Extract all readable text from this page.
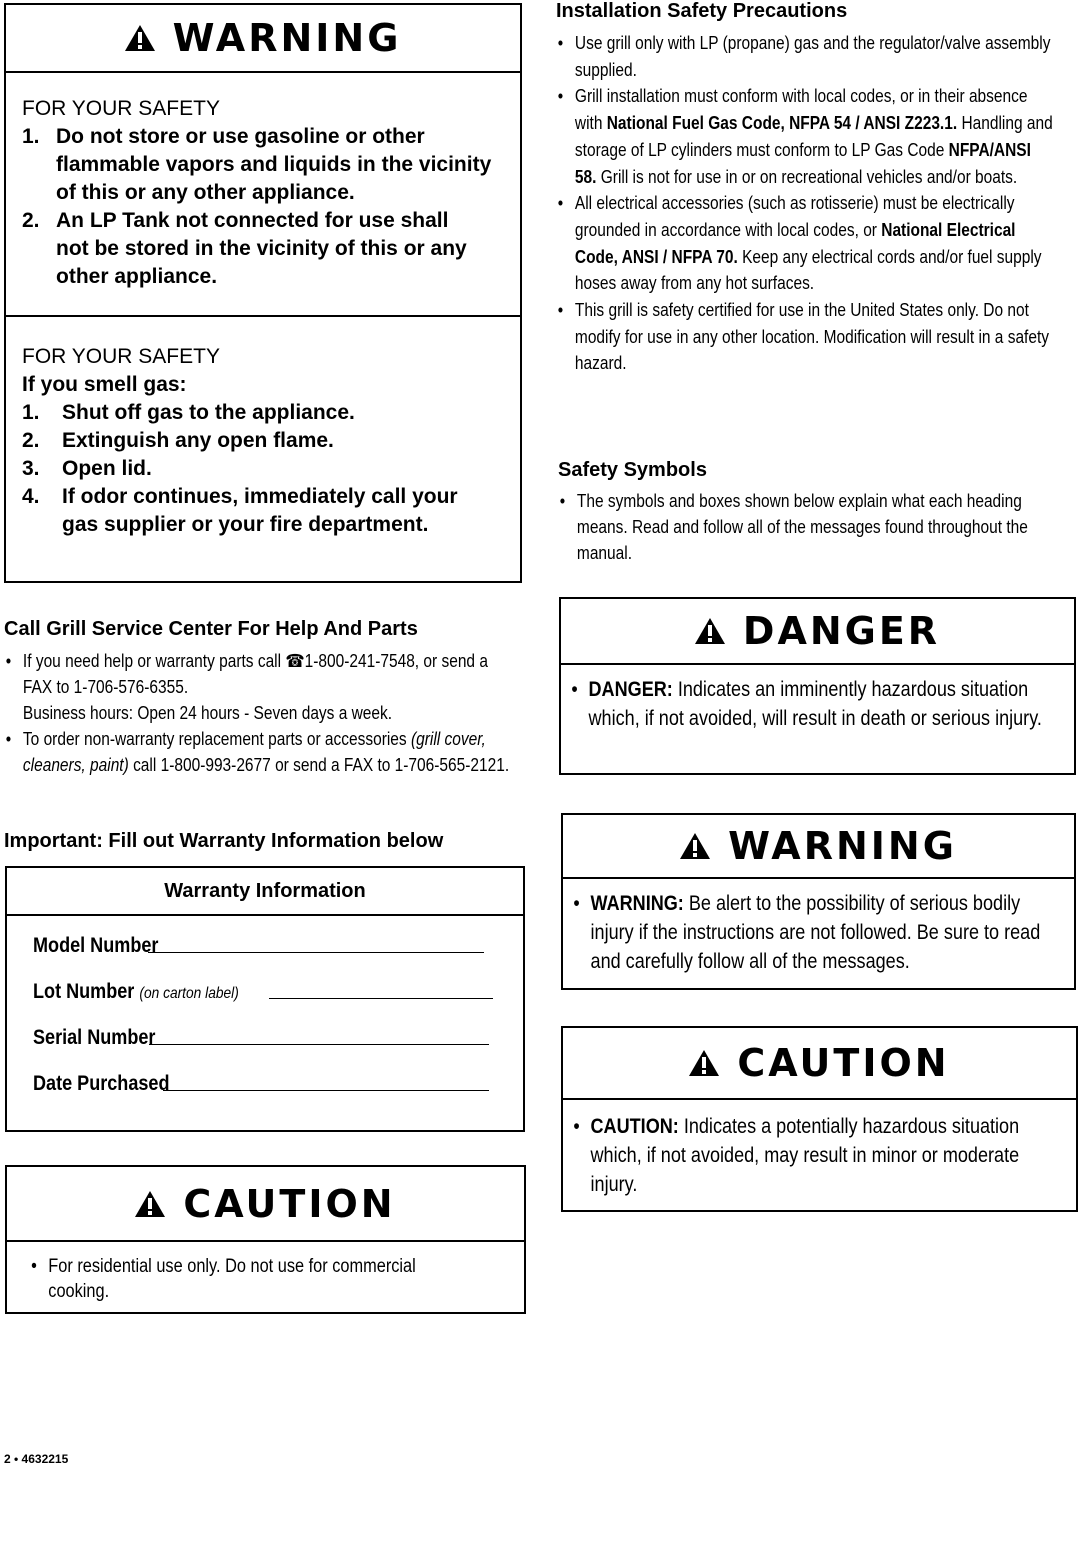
WARNING
FOR YOUR SAFETY
1. Do not store or use gasoline or other flammable vapors and liquids in the vicinity of this or any other appliance.
2. An LP Tank not connected for use shall not be stored in the vicinity of this or any other appliance.
FOR YOUR SAFETY
If you smell gas:
1.	Shut off gas to the appliance.
2.	Extinguish any open flame.
3.	Open lid.
4.	If odor continues, immediately call your gas supplier or your fire department.
Call Grill Service Center For Help And Parts
• If you need help or warranty parts call ☎1-800-241-7548, or send a FAX to 1-706-576-6355.
Business hours: Open 24 hours - Seven days a week.
• To order non-warranty replacement parts or accessories (grill cover, cleaners, paint) call 1-800-993-2677 or send a FAX to 1-706-565-2121.
Important: Fill out Warranty Information below
Warranty Information
Model Number
Lot Number (on carton label)
Serial Number
Date Purchased
CAUTION
• For residential use only. Do not use for commercial cooking.
Installation Safety Precautions
• Use grill only with LP (propane) gas and the regulator/valve assembly supplied.
• Grill installation must conform with local codes, or in their absence with National Fuel Gas Code, NFPA 54 / ANSI Z223.1. Handling and storage of LP cylinders must conform to LP Gas Code NFPA/ANSI 58. Grill is not for use in or on recreational vehicles and/or boats.
• All electrical accessories (such as rotisserie) must be electrically grounded in accordance with local codes, or National Electrical Code, ANSI / NFPA 70. Keep any electrical cords and/or fuel supply hoses away from any hot surfaces.
• This grill is safety certified for use in the United States only. Do not modify for use in any other location. Modification will result in a safety hazard.
Safety Symbols
• The symbols and boxes shown below explain what each heading means. Read and follow all of the messages found throughout the manual.
DANGER
• DANGER: Indicates an imminently hazardous situation which, if not avoided, will result in death or serious injury.
WARNING
• WARNING: Be alert to the possibility of serious bodily injury if the instructions are not followed. Be sure to read and carefully follow all of the messages.
CAUTION
• CAUTION: Indicates a potentially hazardous situation which, if not avoided, may result in minor or moderate injury.
2 • 4632215
